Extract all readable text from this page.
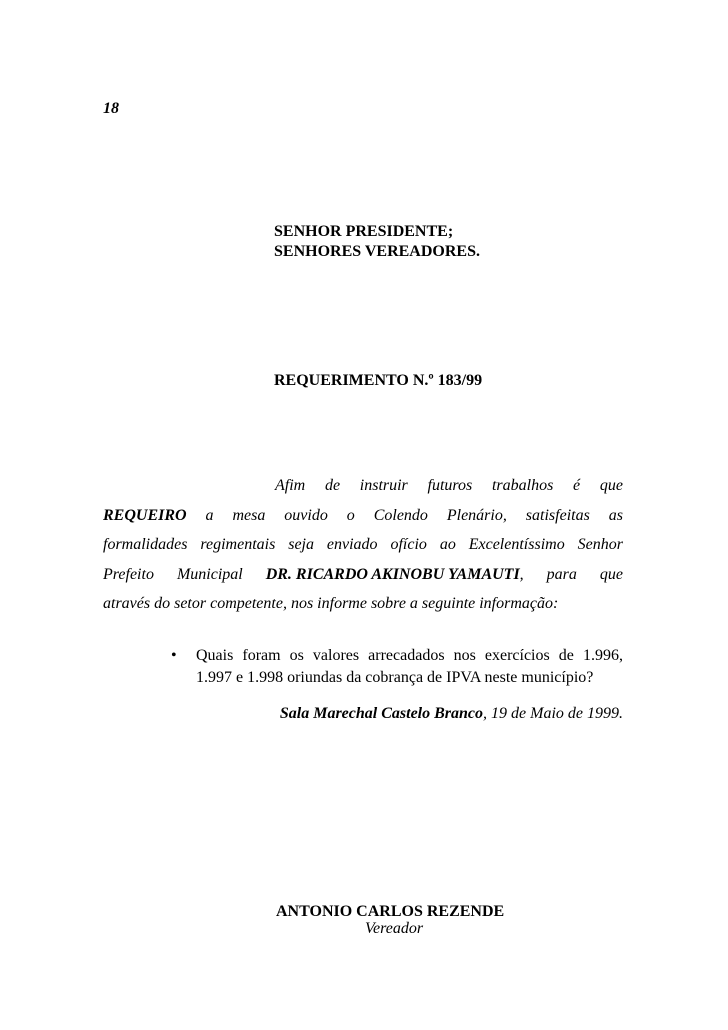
18
SENHOR PRESIDENTE;
SENHORES VEREADORES.
REQUERIMENTO N.º 183/99
Afim de instruir futuros trabalhos é que
REQUEIRO a mesa ouvido o Colendo Plenário, satisfeitas as
formalidades regimentais seja enviado ofício ao Excelentíssimo Senhor
Prefeito Municipal DR. RICARDO AKINOBU YAMAUTI, para que
através do setor competente, nos informe sobre a seguinte informação:
•	Quais foram os valores arrecadados nos exercícios de 1.996,
1.997 e 1.998 oriundas da cobrança de IPVA neste município?
Sala Marechal Castelo Branco, 19 de Maio de 1999.
ANTONIO CARLOS REZENDE
Vereador
